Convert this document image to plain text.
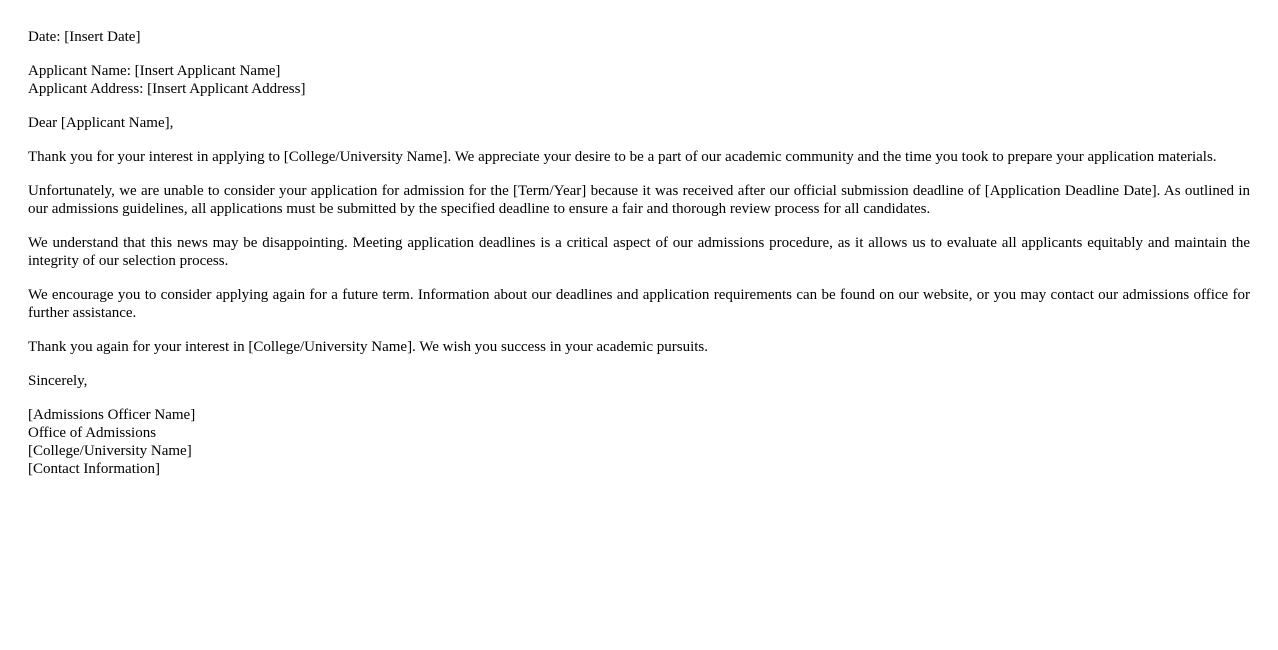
Date: [Insert Date]

Applicant Name: [Insert Applicant Name]
Applicant Address: [Insert Applicant Address]

Dear [Applicant Name],

Thank you for your interest in applying to [College/University Name]. We appreciate your desire to be a part of our academic community and the time you took to prepare your application materials.

Unfortunately, we are unable to consider your application for admission for the [Term/Year] because it was received after our official submission deadline of [Application Deadline Date]. As outlined in our admissions guidelines, all applications must be submitted by the specified deadline to ensure a fair and thorough review process for all candidates.

We understand that this news may be disappointing. Meeting application deadlines is a critical aspect of our admissions procedure, as it allows us to evaluate all applicants equitably and maintain the integrity of our selection process.

We encourage you to consider applying again for a future term. Information about our deadlines and application requirements can be found on our website, or you may contact our admissions office for further assistance.

Thank you again for your interest in [College/University Name]. We wish you success in your academic pursuits.

Sincerely,

[Admissions Officer Name]
Office of Admissions
[College/University Name]
[Contact Information]
